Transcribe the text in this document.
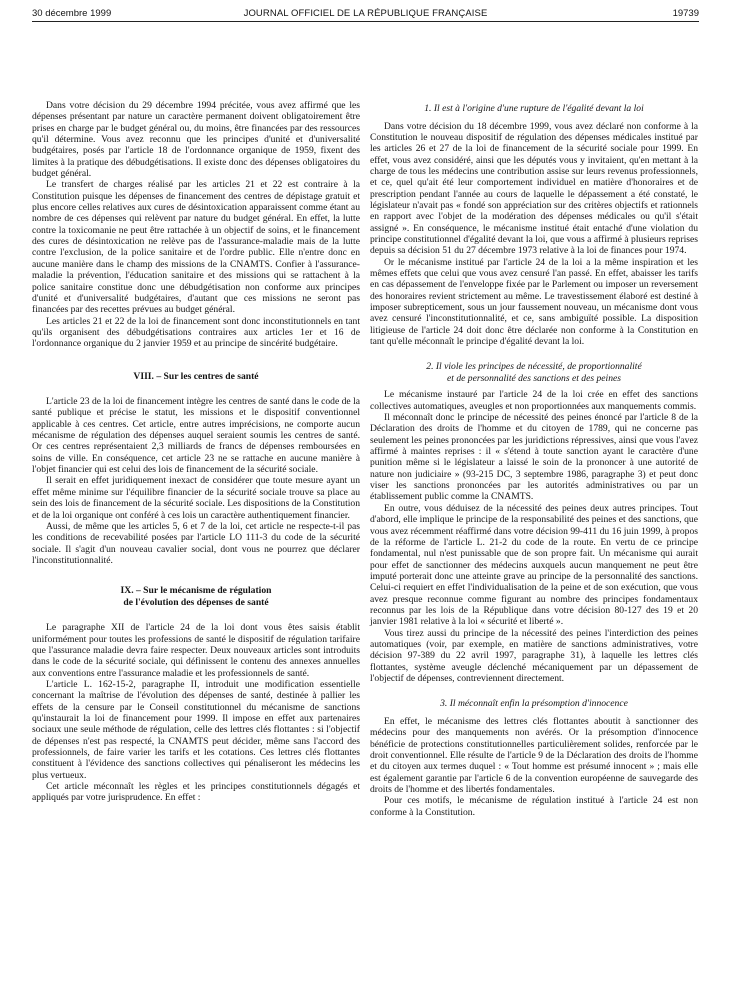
30 décembre 1999	JOURNAL OFFICIEL DE LA RÉPUBLIQUE FRANÇAISE	19739

Dans votre décision du 29 décembre 1994 précitée, vous avez affirmé que les dépenses présentant par nature un caractère permanent doivent obligatoirement être prises en charge par le budget général ou, du moins, être financées par des ressources qu'il détermine. Vous avez reconnu que les principes d'unité et d'universalité budgétaires, posés par l'article 18 de l'ordonnance organique de 1959, fixent des limites à la pratique des débudgétisations. Il existe donc des dépenses obligatoires du budget général.

Le transfert de charges réalisé par les articles 21 et 22 est contraire à la Constitution puisque les dépenses de financement des centres de dépistage gratuit et plus encore celles relatives aux cures de désintoxication apparaissent comme étant au nombre de ces dépenses qui relèvent par nature du budget général. En effet, la lutte contre la toxicomanie ne peut être rattachée à un objectif de soins, et le financement des cures de désintoxication ne relève pas de l'assurance-maladie mais de la lutte contre l'exclusion, de la police sanitaire et de l'ordre public. Elle n'entre donc en aucune manière dans le champ des missions de la CNAMTS. Confier à l'assurance-maladie la prévention, l'éducation sanitaire et des missions qui se rattachent à la police sanitaire constitue donc une débudgétisation non conforme aux principes d'unité et d'universalité budgétaires, d'autant que ces missions ne seront pas financées par des recettes prévues au budget général.

Les articles 21 et 22 de la loi de financement sont donc inconstitutionnels en tant qu'ils organisent des débudgétisations contraires aux articles 1er et 16 de l'ordonnance organique du 2 janvier 1959 et au principe de sincérité budgétaire.

VIII. – Sur les centres de santé

L'article 23 de la loi de financement intègre les centres de santé dans le code de la santé publique et précise le statut, les missions et le dispositif conventionnel applicable à ces centres. Cet article, entre autres imprécisions, ne comporte aucun mécanisme de régulation des dépenses auquel seraient soumis les centres de santé. Or ces centres représentaient 2,3 milliards de francs de dépenses remboursées en soins de ville. En conséquence, cet article 23 ne se rattache en aucune manière à l'objet financier qui est celui des lois de financement de la sécurité sociale.

Il serait en effet juridiquement inexact de considérer que toute mesure ayant un effet même minime sur l'équilibre financier de la sécurité sociale trouve sa place au sein des lois de financement de la sécurité sociale. Les dispositions de la Constitution et de la loi organique ont conféré à ces lois un caractère authentiquement financier.

Aussi, de même que les articles 5, 6 et 7 de la loi, cet article ne respecte-t-il pas les conditions de recevabilité posées par l'article LO 111-3 du code de la sécurité sociale. Il s'agit d'un nouveau cavalier social, dont vous ne pourrez que déclarer l'inconstitutionnalité.

IX. – Sur le mécanisme de régulation
de l'évolution des dépenses de santé

Le paragraphe XII de l'article 24 de la loi dont vous êtes saisis établit uniformément pour toutes les professions de santé le dispositif de régulation tarifaire que l'assurance maladie devra faire respecter. Deux nouveaux articles sont introduits dans le code de la sécurité sociale, qui définissent le contenu des annexes annuelles aux conventions entre l'assurance maladie et les professionnels de santé.

L'article L. 162-15-2, paragraphe II, introduit une modification essentielle concernant la maîtrise de l'évolution des dépenses de santé, destinée à pallier les effets de la censure par le Conseil constitutionnel du mécanisme de sanctions qu'instaurait la loi de financement pour 1999. Il impose en effet aux partenaires sociaux une seule méthode de régulation, celle des lettres clés flottantes : si l'objectif de dépenses n'est pas respecté, la CNAMTS peut décider, même sans l'accord des professionnels, de faire varier les tarifs et les cotations. Ces lettres clés flottantes constituent à l'évidence des sanctions collectives qui pénaliseront les médecins les plus vertueux.

Cet article méconnaît les règles et les principes constitutionnels dégagés et appliqués par votre jurisprudence. En effet :

1. Il est à l'origine d'une rupture de l'égalité devant la loi

Dans votre décision du 18 décembre 1999, vous avez déclaré non conforme à la Constitution le nouveau dispositif de régulation des dépenses médicales institué par les articles 26 et 27 de la loi de financement de la sécurité sociale pour 1999. En effet, vous avez considéré, ainsi que les députés vous y invitaient, qu'en mettant à la charge de tous les médecins une contribution assise sur leurs revenus professionnels, et ce, quel qu'ait été leur comportement individuel en matière d'honoraires et de prescription pendant l'année au cours de laquelle le dépassement a été constaté, le législateur n'avait pas « fondé son appréciation sur des critères objectifs et rationnels en rapport avec l'objet de la modération des dépenses médicales ou qu'il s'était assigné ». En conséquence, le mécanisme institué était entaché d'une violation du principe constitutionnel d'égalité devant la loi, que vous a affirmé à plusieurs reprises depuis sa décision 51 du 27 décembre 1973 relative à la loi de finances pour 1974.

Or le mécanisme institué par l'article 24 de la loi a la même inspiration et les mêmes effets que celui que vous avez censuré l'an passé. En effet, abaisser les tarifs en cas dépassement de l'enveloppe fixée par le Parlement ou imposer un reversement des honoraires revient strictement au même. Le travestissement élaboré est destiné à imposer subrepticement, sous un jour faussement nouveau, un mécanisme dont vous avez censuré l'inconstitutionnalité, et ce, sans ambiguïté possible. La disposition litigieuse de l'article 24 doit donc être déclarée non conforme à la Constitution en tant qu'elle méconnaît le principe d'égalité devant la loi.

2. Il viole les principes de nécessité, de proportionnalité
et de personnalité des sanctions et des peines

Le mécanisme instauré par l'article 24 de la loi crée en effet des sanctions collectives automatiques, aveugles et non proportionnées aux manquements commis.

Il méconnaît donc le principe de nécessité des peines énoncé par l'article 8 de la Déclaration des droits de l'homme et du citoyen de 1789, qui ne concerne pas seulement les peines prononcées par les juridictions répressives, ainsi que vous l'avez affirmé à maintes reprises : il « s'étend à toute sanction ayant le caractère d'une punition même si le législateur a laissé le soin de la prononcer à une autorité de nature non judiciaire » (93-215 DC, 3 septembre 1986, paragraphe 3) et peut donc viser les sanctions prononcées par les autorités administratives ou par un établissement public comme la CNAMTS.

En outre, vous déduisez de la nécessité des peines deux autres principes. Tout d'abord, elle implique le principe de la responsabilité des peines et des sanctions, que vous avez récemment réaffirmé dans votre décision 99-411 du 16 juin 1999, à propos de la réforme de l'article L. 21-2 du code de la route. En vertu de ce principe fondamental, nul n'est punissable que de son propre fait. Un mécanisme qui aurait pour effet de sanctionner des médecins auxquels aucun manquement ne peut être imputé porterait donc une atteinte grave au principe de la personnalité des sanctions. Celui-ci requiert en effet l'individualisation de la peine et de son exécution, que vous avez presque reconnue comme figurant au nombre des principes fondamentaux reconnus par les lois de la République dans votre décision 80-127 des 19 et 20 janvier 1981 relative à la loi « sécurité et liberté ».

Vous tirez aussi du principe de la nécessité des peines l'interdiction des peines automatiques (voir, par exemple, en matière de sanctions administratives, votre décision 97-389 du 22 avril 1997, paragraphe 31), à laquelle les lettres clés flottantes, système aveugle déclenché mécaniquement par un dépassement de l'objectif de dépenses, contreviennent directement.

3. Il méconnaît enfin la présomption d'innocence

En effet, le mécanisme des lettres clés flottantes aboutit à sanctionner des médecins pour des manquements non avérés. Or la présomption d'innocence bénéficie de protections constitutionnelles particulièrement solides, renforcée par le droit conventionnel. Elle résulte de l'article 9 de la Déclaration des droits de l'homme et du citoyen aux termes duquel : « Tout homme est présumé innocent » ; mais elle est également garantie par l'article 6 de la convention européenne de sauvegarde des droits de l'homme et des libertés fondamentales.

Pour ces motifs, le mécanisme de régulation institué à l'article 24 est non conforme à la Constitution.
